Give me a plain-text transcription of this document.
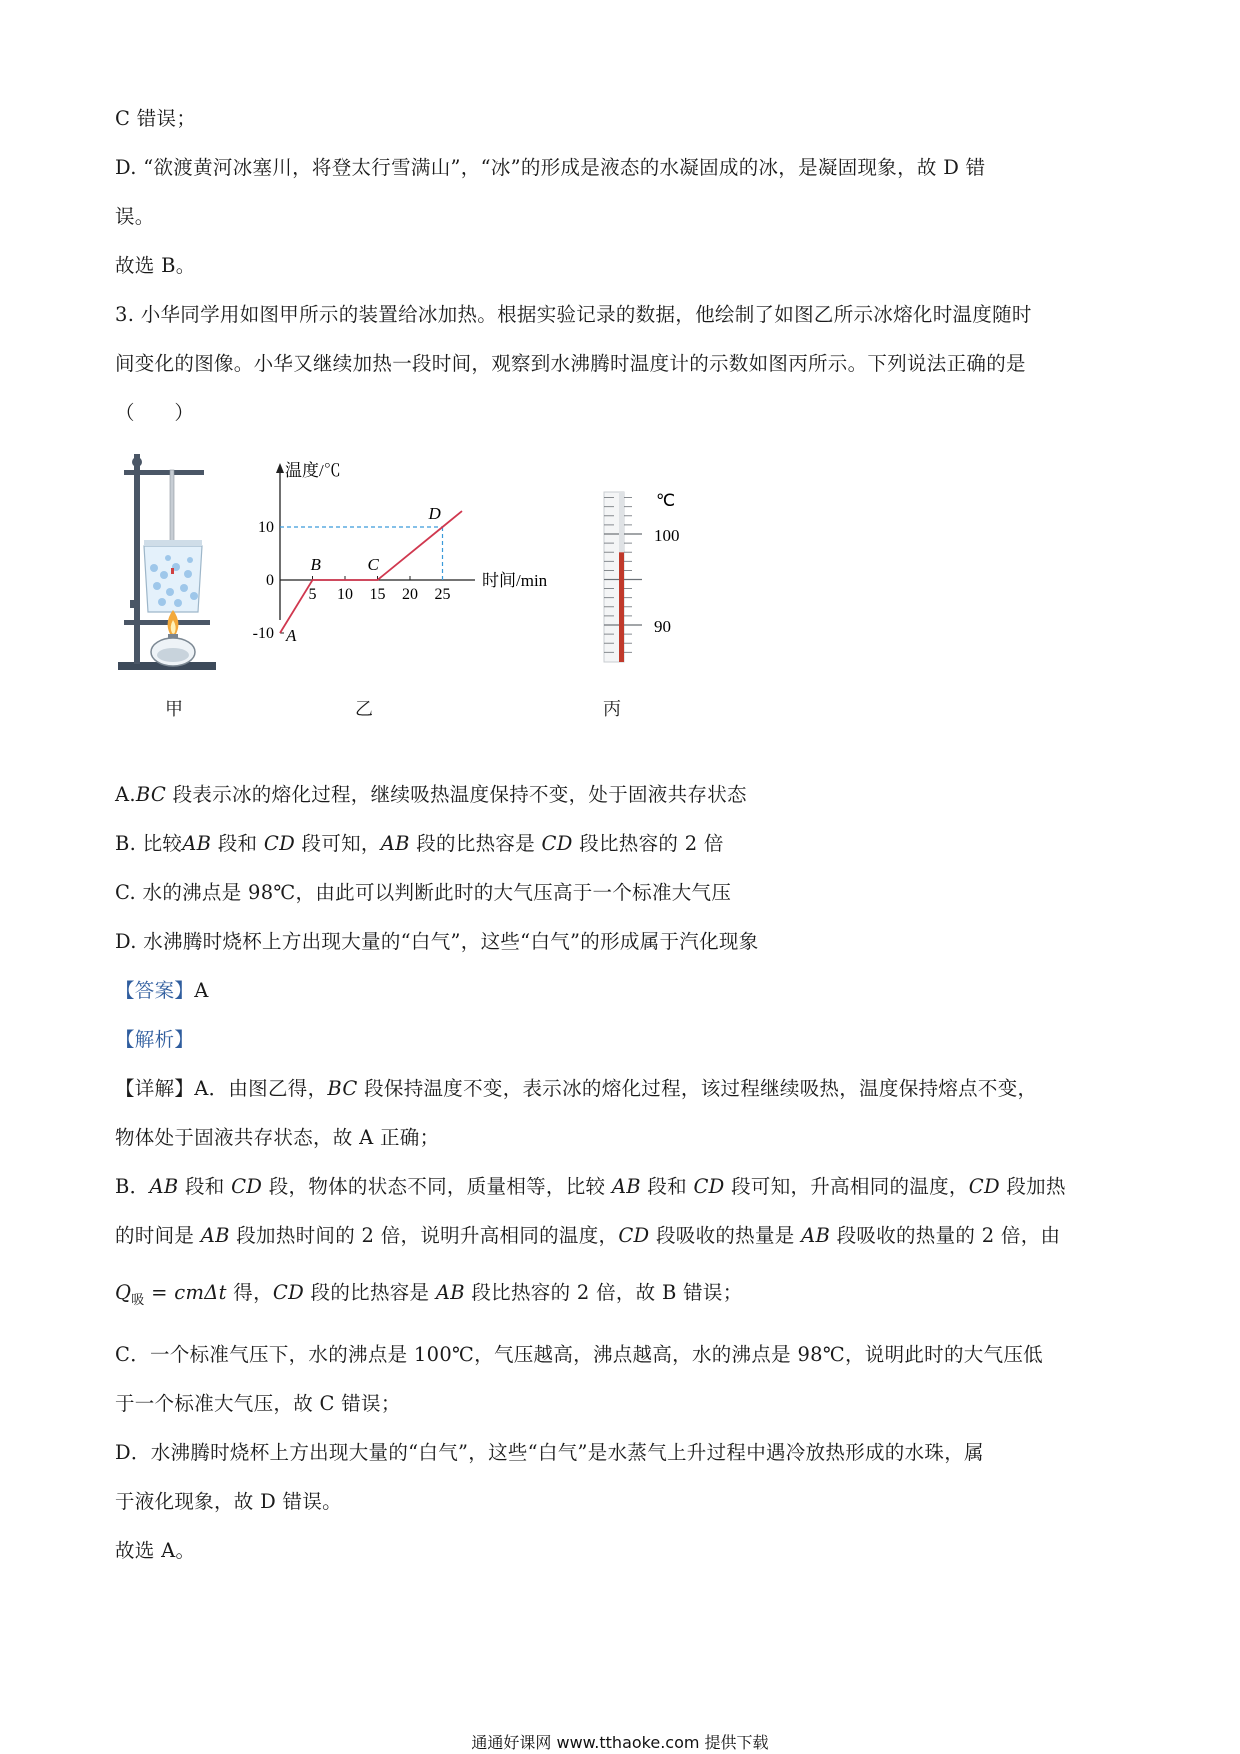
C 错误；
D. “欲渡黄河冰塞川，将登太行雪满山”，“冰”的形成是液态的水凝固成的冰，是凝固现象，故 D 错
误。
故选 B。
3. 小华同学用如图甲所示的装置给冰加热。根据实验记录的数据，他绘制了如图乙所示冰熔化时温度随时
间变化的图像。小华又继续加热一段时间，观察到水沸腾时温度计的示数如图丙所示。下列说法正确的是
（　　）
甲
温度/℃
时间/min
5 10 15 20 25
10
0
-10 A
B	C
D
乙
℃
100
90
丙
A.BC 段表示冰的熔化过程，继续吸热温度保持不变，处于固液共存状态
B. 比较AB 段和 CD 段可知，AB 段的比热容是 CD 段比热容的 2 倍
C. 水的沸点是 98℃，由此可以判断此时的大气压高于一个标准大气压
D. 水沸腾时烧杯上方出现大量的“白气”，这些“白气”的形成属于汽化现象
【答案】A
【解析】
【详解】A．由图乙得，BC 段保持温度不变，表示冰的熔化过程，该过程继续吸热，温度保持熔点不变，
物体处于固液共存状态，故 A 正确；
B．AB 段和 CD 段，物体的状态不同，质量相等，比较 AB 段和 CD 段可知，升高相同的温度，CD 段加热
的时间是 AB 段加热时间的 2 倍，说明升高相同的温度，CD 段吸收的热量是 AB 段吸收的热量的 2 倍，由
$Q_吸 = cm\Delta t$ 得，CD 段的比热容是 AB 段比热容的 2 倍，故 B 错误；
C．一个标准气压下，水的沸点是 100℃，气压越高，沸点越高，水的沸点是 98℃，说明此时的大气压低
于一个标准大气压，故 C 错误；
D．水沸腾时烧杯上方出现大量的“白气”，这些“白气”是水蒸气上升过程中遇冷放热形成的水珠，属
于液化现象，故 D 错误。
故选 A。
通通好课网 www.tthaoke.com 提供下载
